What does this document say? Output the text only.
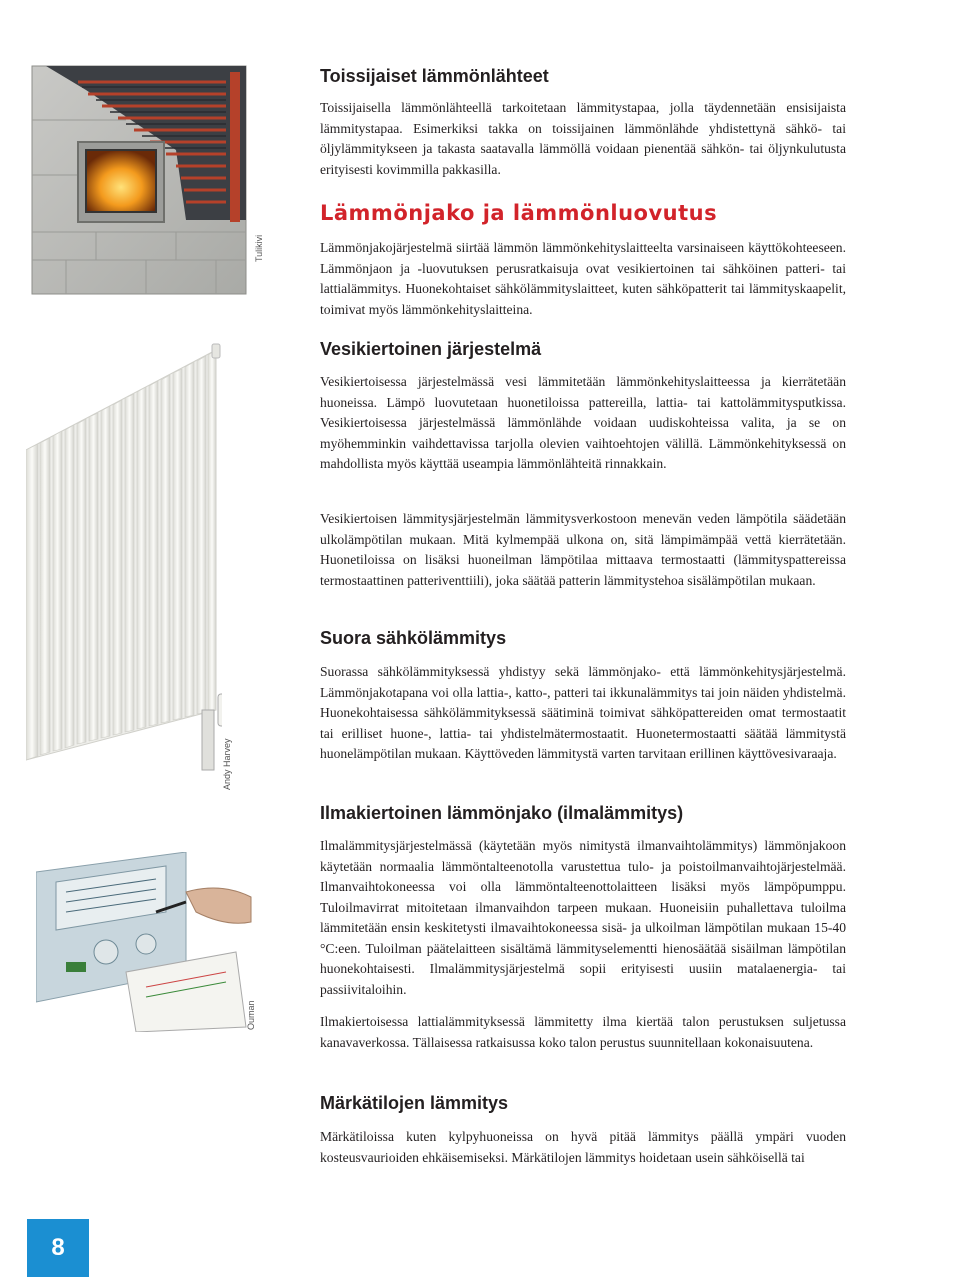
Tulikivi
Andy Harvey
Ouman
Toissijaiset lämmönlähteet

Toissijaisella lämmönlähteellä tarkoitetaan lämmitystapaa, jolla täydennetään ensisijaista lämmitystapaa. Esimerkiksi takka on toissijainen lämmönlähde yhdistettynä sähkö- tai öljylämmitykseen ja takasta saatavalla lämmöllä voidaan pienentää sähkön- tai öljynkulutusta erityisesti kovimmilla pakkasilla.

Lämmönjako ja lämmönluovutus

Lämmönjakojärjestelmä siirtää lämmön lämmönkehityslaitteelta varsinaiseen käyttökohteeseen. Lämmönjaon ja -luovutuksen perusratkaisuja ovat vesikiertoinen tai sähköinen patteri- tai lattialämmitys. Huonekohtaiset sähkölämmityslaitteet, kuten sähköpatterit tai lämmityskaapelit, toimivat myös lämmönkehityslaitteina.

Vesikiertoinen järjestelmä

Vesikiertoisessa järjestelmässä vesi lämmitetään lämmönkehityslaitteessa ja kierrätetään huoneissa. Lämpö luovutetaan huonetiloissa pattereilla, lattia- tai kattolämmitysputkissa. Vesikiertoisessa järjestelmässä lämmönlähde voidaan uudiskohteissa valita, ja se on myöhemminkin vaihdettavissa tarjolla olevien vaihtoehtojen välillä. Lämmönkehityksessä on mahdollista myös käyttää useampia lämmönlähteitä rinnakkain.

Vesikiertoisen lämmitysjärjestelmän lämmitysverkostoon menevän veden lämpötila säädetään ulkolämpötilan mukaan. Mitä kylmempää ulkona on, sitä lämpimämpää vettä kierrätetään. Huonetiloissa on lisäksi huoneilman lämpötilaa mittaava termostaatti (lämmityspattereissa termostaattinen patteriventtiili), joka säätää patterin lämmitystehoa sisälämpötilan mukaan.

Suora sähkölämmitys

Suorassa sähkölämmityksessä yhdistyy sekä lämmönjako- että lämmönkehitysjärjestelmä. Lämmönjakotapana voi olla lattia-, katto-, patteri tai ikkunalämmitys tai join näiden yhdistelmä. Huonekohtaisessa sähkölämmityksessä säätiminä toimivat sähköpattereiden omat termostaatit tai erilliset huone-, lattia- tai yhdistelmätermostaatit. Huonetermostaatti säätää lämmitystä huonelämpötilan mukaan. Käyttöveden lämmitystä varten tarvitaan erillinen käyttövesivaraaja.

Ilmakiertoinen lämmönjako (ilmalämmitys)

Ilmalämmitysjärjestelmässä (käytetään myös nimitystä ilmanvaihtolämmitys) lämmönjakoon käytetään normaalia lämmöntalteenotolla varustettua tulo- ja poistoilmanvaihtojärjestelmää. Ilmanvaihtokoneessa voi olla lämmöntalteenottolaitteen lisäksi myös lämpöpumppu. Tuloilmavirrat mitoitetaan ilmanvaihdon tarpeen mukaan. Huoneisiin puhallettava tuloilma lämmitetään ensin keskitetysti ilmavaihtokoneessa sisä- ja ulkoilman lämpötilan mukaan 15-40 °C:een. Tuloilman päätelaitteen sisältämä lämmityselementti hienosäätää sisäilman lämpötilan huonekohtaisesti. Ilmalämmitysjärjestelmä sopii erityisesti uusiin matalaenergia- tai passiivitaloihin.

Ilmakiertoisessa lattialämmityksessä lämmitetty ilma kiertää talon perustuksen suljetussa kanavaverkossa. Tällaisessa ratkaisussa koko talon perustus suunnitellaan kokonaisuutena.

Märkätilojen lämmitys

Märkätiloissa kuten kylpyhuoneissa on hyvä pitää lämmitys päällä ympäri vuoden kosteusvaurioiden ehkäisemiseksi. Märkätilojen lämmitys hoidetaan usein sähköisellä tai

8
